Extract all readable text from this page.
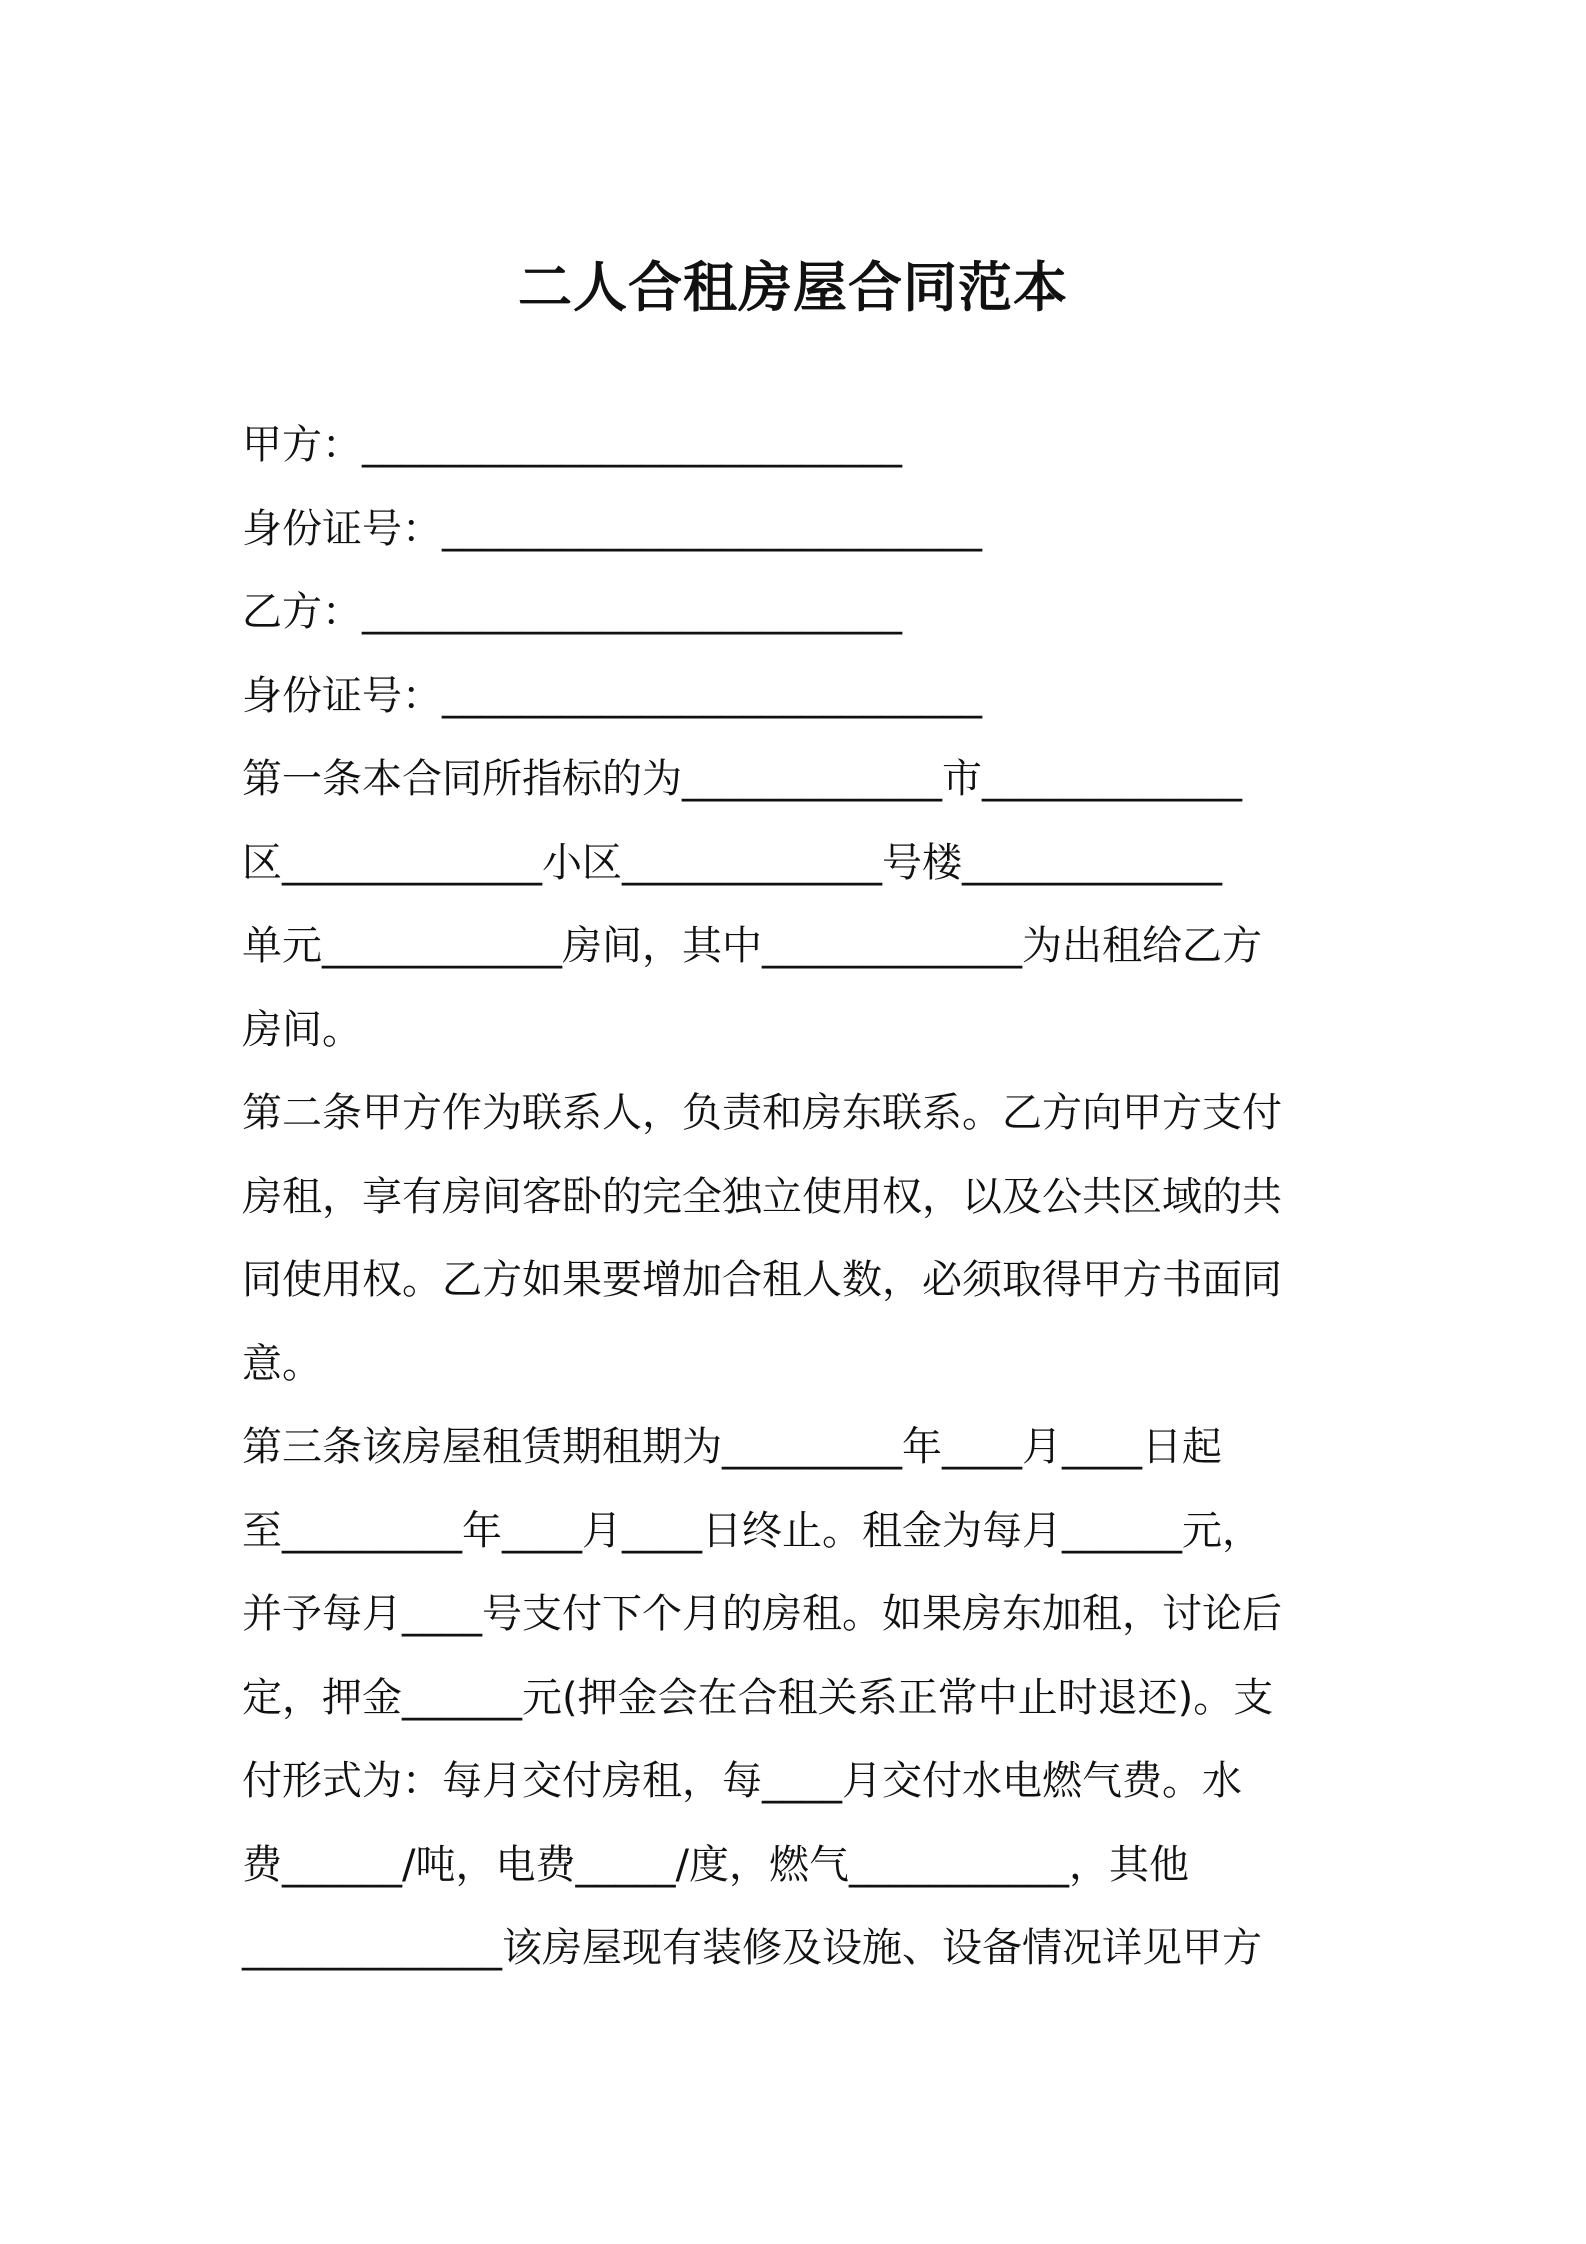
二人合租房屋合同范本
甲方：___________________________
身份证号：___________________________
乙方：___________________________
身份证号：___________________________
第一条本合同所指标的为_____________市_____________
区_____________小区_____________号楼_____________
单元____________房间，其中_____________为出租给乙方
房间。
第二条甲方作为联系人，负责和房东联系。乙方向甲方支付
房租，享有房间客卧的完全独立使用权，以及公共区域的共
同使用权。乙方如果要增加合租人数，必须取得甲方书面同
意。
第三条该房屋租赁期租期为_________年____月____日起
至_________年____月____日终止。租金为每月______元，
并予每月____号支付下个月的房租。如果房东加租，讨论后
定，押金______元(押金会在合租关系正常中止时退还)。支
付形式为：每月交付房租，每____月交付水电燃气费。水
费______/吨，电费_____/度，燃气___________，其他
_____________该房屋现有装修及设施、设备情况详见甲方
